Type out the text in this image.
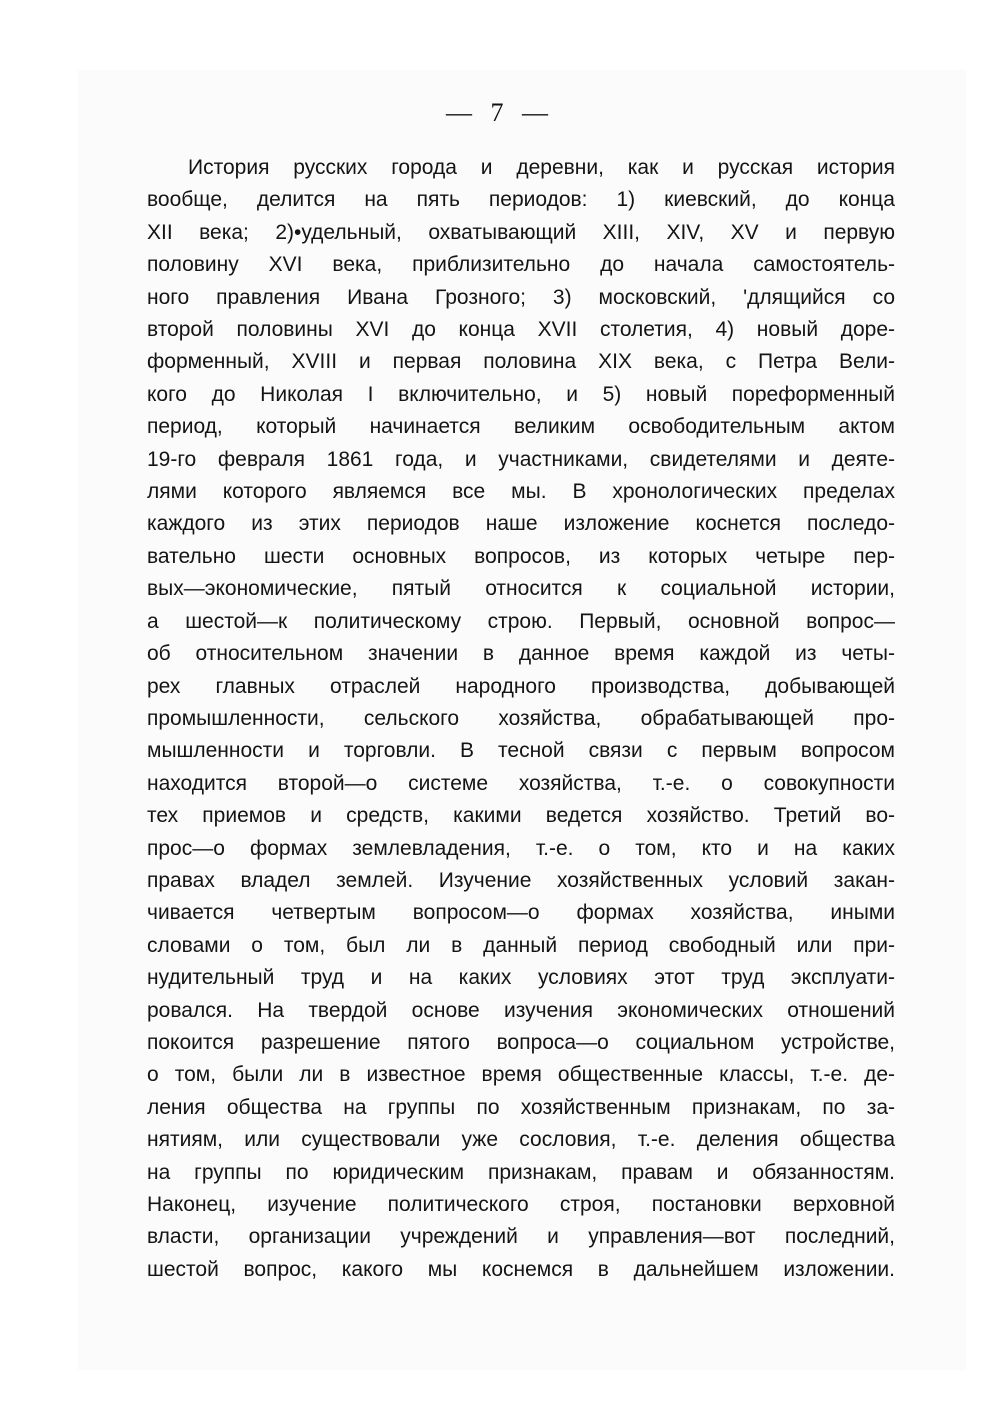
— 7 —
История русских города и деревни, как и русская история
вообще, делится на пять периодов: 1) киевский, до конца
XII века; 2)•удельный, охватывающий XIII, XIV, XV и первую
половину XVI века, приблизительно до начала самостоятель-
ного правления Ивана Грозного; 3) московский, 'длящийся со
второй половины XVI до конца XVII столетия, 4) новый доре-
форменный, XVIII и первая половина XIX века, с Петра Вели-
кого до Николая I включительно, и 5) новый пореформенный
период, который начинается великим освободительным актом
19-го февраля 1861 года, и участниками, свидетелями и деяте-
лями которого являемся все мы. В хронологических пределах
каждого из этих периодов наше изложение коснется последо-
вательно шести основных вопросов, из которых четыре пер-
вых—экономические, пятый относится к социальной истории,
а шестой—к политическому строю. Первый, основной вопрос—
об относительном значении в данное время каждой из четы-
рех главных отраслей народного производства, добывающей
промышленности, сельского хозяйства, обрабатывающей про-
мышленности и торговли. В тесной связи с первым вопросом
находится второй—о системе хозяйства, т.-е. о совокупности
тех приемов и средств, какими ведется хозяйство. Третий во-
прос—о формах землевладения, т.-е. о том, кто и на каких
правах владел землей. Изучение хозяйственных условий закан-
чивается четвертым вопросом—о формах хозяйства, иными
словами о том, был ли в данный период свободный или при-
нудительный труд и на каких условиях этот труд эксплуати-
ровался. На твердой основе изучения экономических отношений
покоится разрешение пятого вопроса—о социальном устройстве,
о том, были ли в известное время общественные классы, т.-е. де-
ления общества на группы по хозяйственным признакам, по за-
нятиям, или существовали уже сословия, т.-е. деления общества
на группы по юридическим признакам, правам и обязанностям.
Наконец, изучение политического строя, постановки верховной
власти, организации учреждений и управления—вот последний,
шестой вопрос, какого мы коснемся в дальнейшем изложении.
